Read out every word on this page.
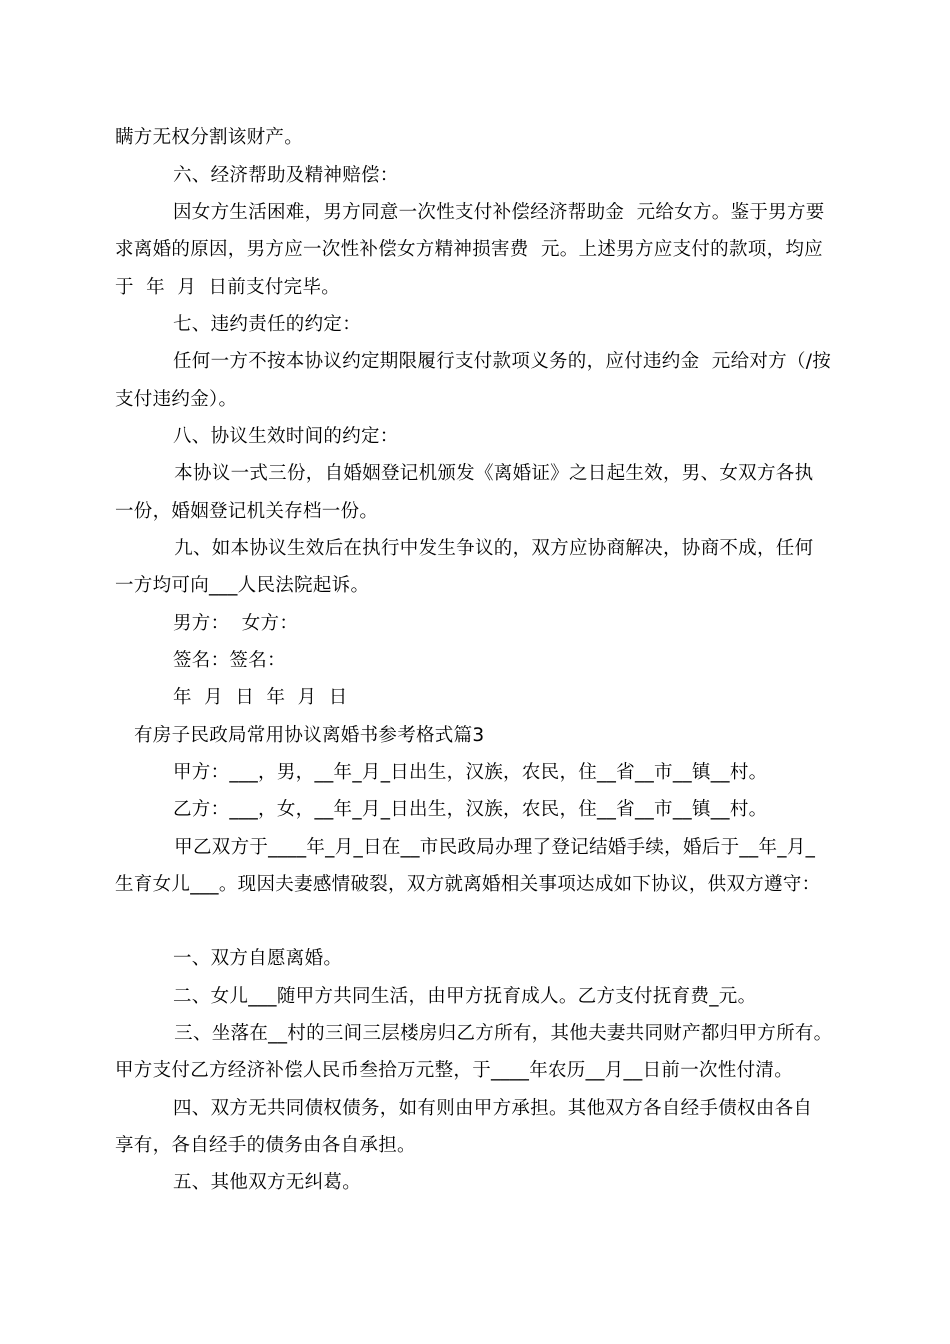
瞒方无权分割该财产。
六、经济帮助及精神赔偿：
因女方生活困难，男方同意一次性支付补偿经济帮助金  元给女方。鉴于男方要
求离婚的原因，男方应一次性补偿女方精神损害费  元。上述男方应支付的款项，均应
于  年  月  日前支付完毕。
七、违约责任的约定：
任何一方不按本协议约定期限履行支付款项义务的，应付违约金  元给对方（/按
支付违约金）。
八、协议生效时间的约定：
本协议一式三份，自婚姻登记机颁发《离婚证》之日起生效，男、女双方各执
一份，婚姻登记机关存档一份。
九、如本协议生效后在执行中发生争议的，双方应协商解决，协商不成，任何
一方均可向___人民法院起诉。
男方：  女方：
签名：签名：
年  月  日  年  月  日
有房子民政局常用协议离婚书参考格式篇3
甲方：___，男，__年_月_日出生，汉族，农民，住__省__市__镇__村。
乙方：___，女，__年_月_日出生，汉族，农民，住__省__市__镇__村。
甲乙双方于____年_月_日在__市民政局办理了登记结婚手续，婚后于__年_月_
生育女儿___。现因夫妻感情破裂，双方就离婚相关事项达成如下协议，供双方遵守：
一、双方自愿离婚。
二、女儿___随甲方共同生活，由甲方抚育成人。乙方支付抚育费_元。
三、坐落在__村的三间三层楼房归乙方所有，其他夫妻共同财产都归甲方所有。
甲方支付乙方经济补偿人民币叁拾万元整，于____年农历__月__日前一次性付清。
四、双方无共同债权债务，如有则由甲方承担。其他双方各自经手债权由各自
享有，各自经手的债务由各自承担。
五、其他双方无纠葛。
